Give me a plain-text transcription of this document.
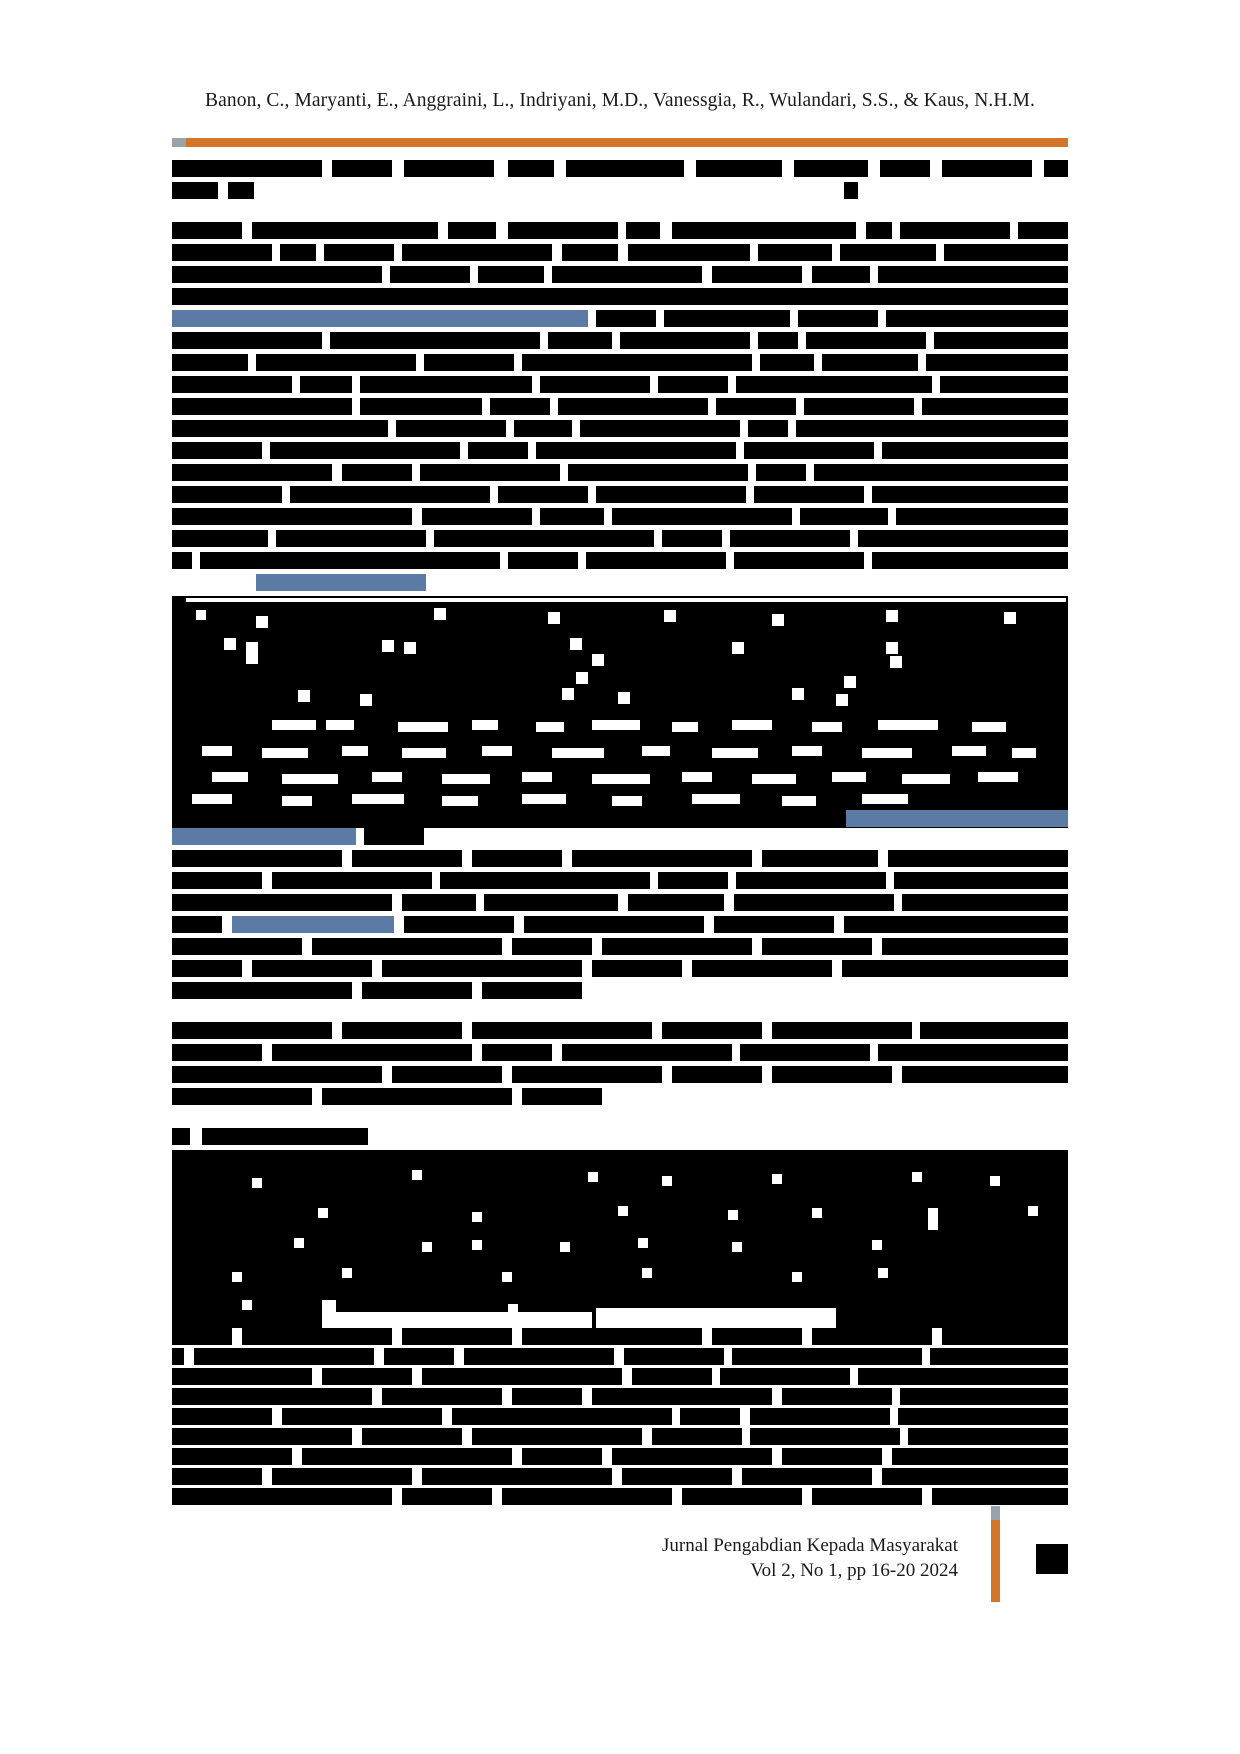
Banon, C., Maryanti, E., Anggraini, L., Indriyani, M.D., Vanessgia, R., Wulandari, S.S., & Kaus, N.H.M.
Jurnal Pengabdian Kepada Masyarakat
Vol 2, No 1, pp 16-20 2024
